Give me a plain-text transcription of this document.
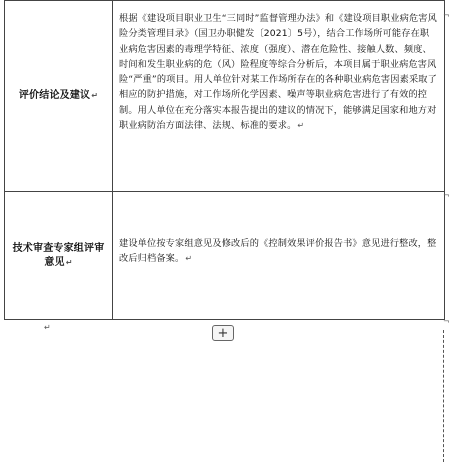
评价结论及建议↵
根据《建设项目职业卫生“三同时”监督管理办法》和《建设项目职业病危害风险分类管理目录》（国卫办职健发〔2021〕5号），结合工作场所可能存在职业病危害因素的毒理学特征、浓度（强度）、潜在危险性、接触人数、频度、时间和发生职业病的危（风）险程度等综合分析后，本项目属于职业病危害风险“严重”的项目。用人单位针对某工作场所存在的各种职业病危害因素采取了相应的防护措施，对工作场所化学因素、噪声等职业病危害进行了有效的控制。用人单位在充分落实本报告提出的建议的情况下，能够满足国家和地方对职业病防治方面法律、法规、标准的要求。↵
技术审查专家组评审意见↵
建设单位按专家组意见及修改后的《控制效果评价报告书》意见进行整改，整改后归档备案。↵
¬
¬
¬
↵	+
